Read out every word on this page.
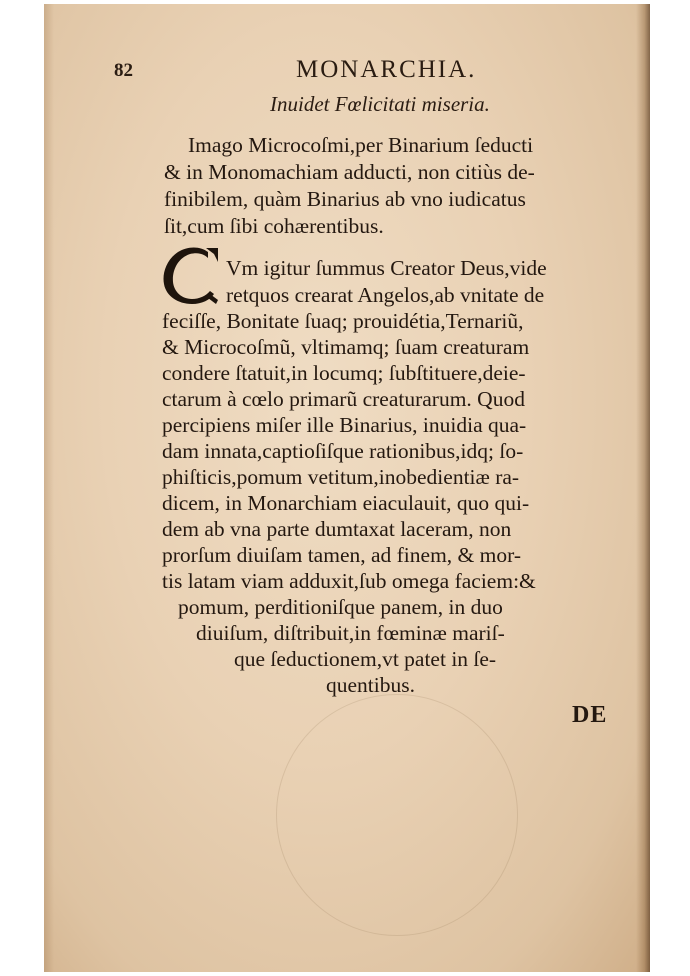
82	MONARCHIA.
Inuidet Fœlicitati miseria.
Imago Microcoſmi,per Binarium ſeducti
& in Monomachiam adducti, non citiùs de-
finibilem, quàm Binarius ab vno iudicatus
ſit,cum ſibi cohærentibus.
Vm igitur ſummus Creator Deus,vide
retquos crearat Angelos,ab vnitate de
feciſſe, Bonitate ſuaq; prouidétia,Ternariũ,
& Microcoſmũ, vltimamq; ſuam creaturam
condere ſtatuit,in locumq; ſubſtituere,deie-
ctarum à cœlo primarũ creaturarum. Quod
percipiens miſer ille Binarius, inuidia qua-
dam innata,captioſiſque rationibus,idq; ſo-
phiſticis,pomum vetitum,inobedientiæ ra-
dicem, in Monarchiam eiaculauit, quo qui-
dem ab vna parte dumtaxat laceram, non
prorſum diuiſam tamen, ad finem, & mor-
tis latam viam adduxit,ſub omega faciem:&
pomum, perditioniſque panem, in duo
diuiſum, diſtribuit,in fœminæ mariſ-
que ſeductionem,vt patet in ſe-
quentibus.
DE
